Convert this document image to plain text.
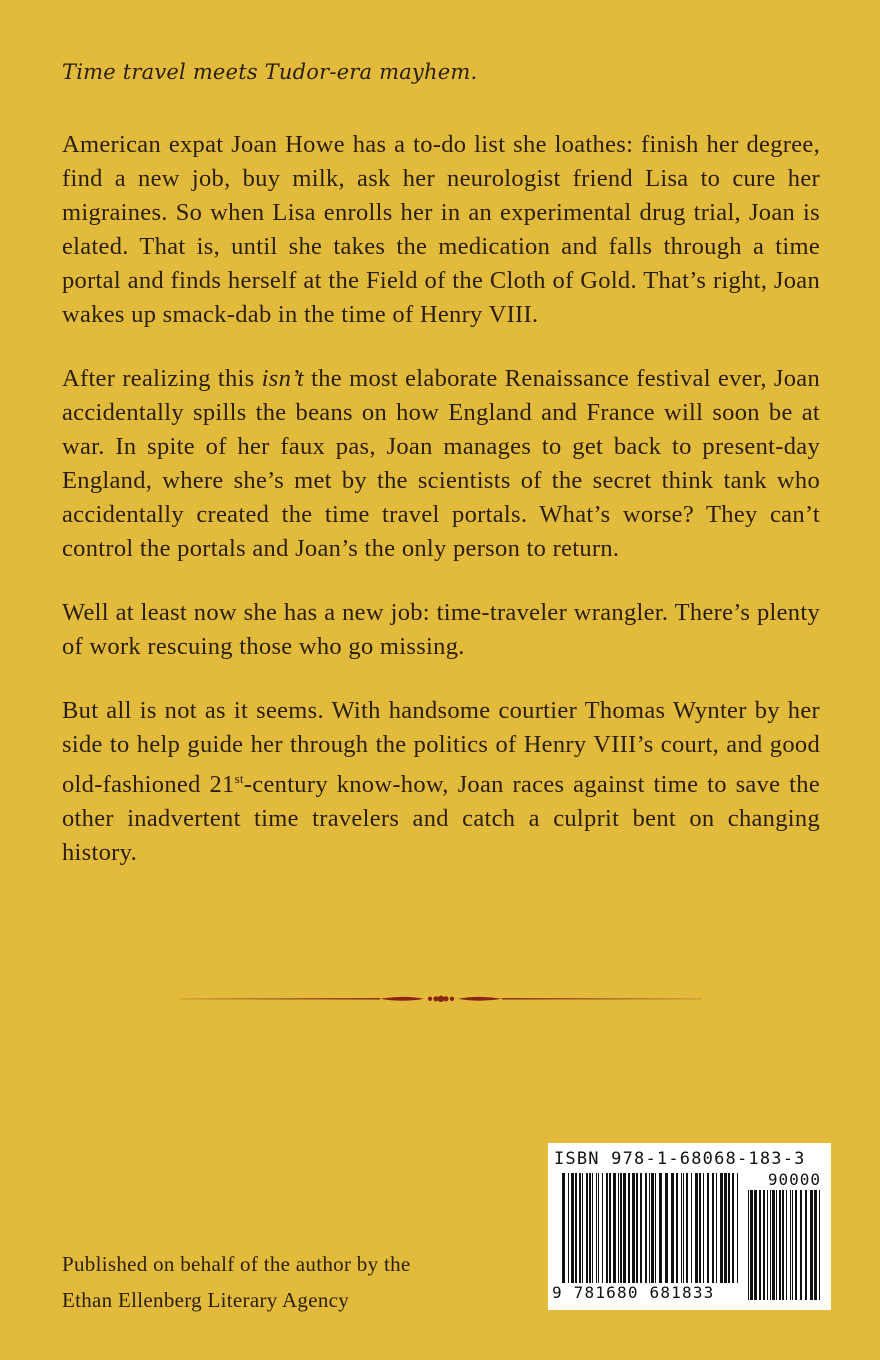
Time travel meets Tudor-era mayhem.

American expat Joan Howe has a to-do list she loathes: finish her degree, find a new job, buy milk, ask her neurologist friend Lisa to cure her migraines. So when Lisa enrolls her in an experimental drug trial, Joan is elated. That is, until she takes the medication and falls through a time portal and finds herself at the Field of the Cloth of Gold. That’s right, Joan wakes up smack-dab in the time of Henry VIII.

After realizing this isn’t the most elaborate Renaissance festival ever, Joan accidentally spills the beans on how England and France will soon be at war. In spite of her faux pas, Joan manages to get back to present-day England, where she’s met by the scientists of the secret think tank who accidentally created the time travel portals. What’s worse? They can’t control the portals and Joan’s the only person to return.

Well at least now she has a new job: time-traveler wrangler. There’s plenty of work rescuing those who go missing.

But all is not as it seems. With handsome courtier Thomas Wynter by her side to help guide her through the politics of Henry VIII’s court, and good old-fashioned 21st-century know-how, Joan races against time to save the other inadvertent time travelers and catch a culprit bent on changing history.

Published on behalf of the author by the
Ethan Ellenberg Literary Agency
ISBN 978-1-68068-183-3
90000
9 781680 681833
